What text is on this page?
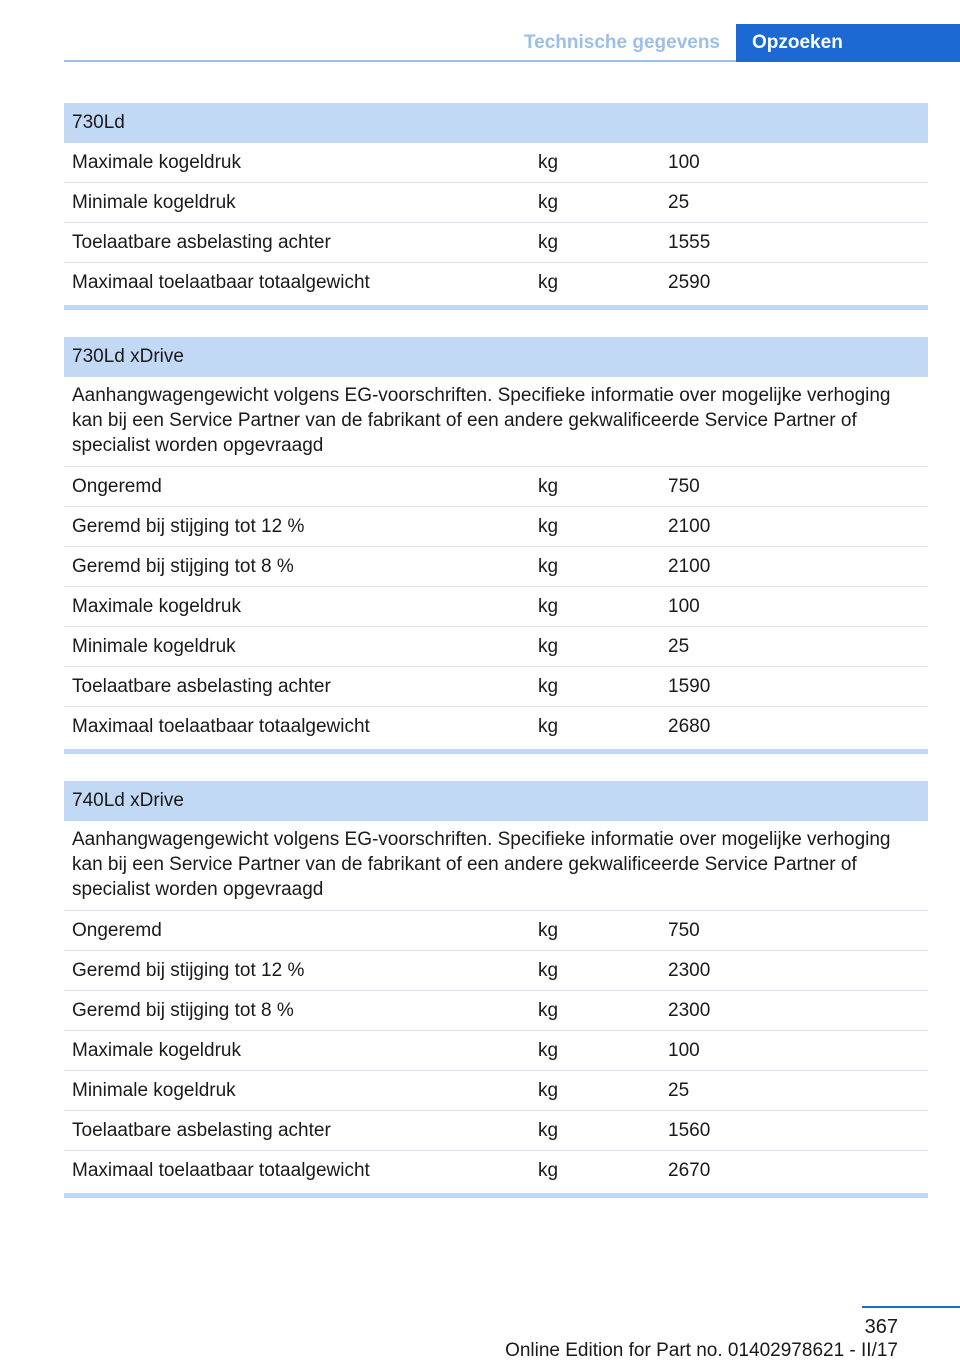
Technische gegevens	Opzoeken
730Ld
Maximale kogeldruk	kg	100
Minimale kogeldruk	kg	25
Toelaatbare asbelasting achter	kg	1555
Maximaal toelaatbaar totaalgewicht	kg	2590
730Ld xDrive
Aanhangwagengewicht volgens EG-voorschriften. Specifieke informatie over mogelijke verhoging kan bij een Service Partner van de fabrikant of een andere gekwalificeerde Service Partner of specialist worden opgevraagd
Ongeremd	kg	750
Geremd bij stijging tot 12 %	kg	2100
Geremd bij stijging tot 8 %	kg	2100
Maximale kogeldruk	kg	100
Minimale kogeldruk	kg	25
Toelaatbare asbelasting achter	kg	1590
Maximaal toelaatbaar totaalgewicht	kg	2680
740Ld xDrive
Aanhangwagengewicht volgens EG-voorschriften. Specifieke informatie over mogelijke verhoging kan bij een Service Partner van de fabrikant of een andere gekwalificeerde Service Partner of specialist worden opgevraagd
Ongeremd	kg	750
Geremd bij stijging tot 12 %	kg	2300
Geremd bij stijging tot 8 %	kg	2300
Maximale kogeldruk	kg	100
Minimale kogeldruk	kg	25
Toelaatbare asbelasting achter	kg	1560
Maximaal toelaatbaar totaalgewicht	kg	2670
367
Online Edition for Part no. 01402978621 - II/17
